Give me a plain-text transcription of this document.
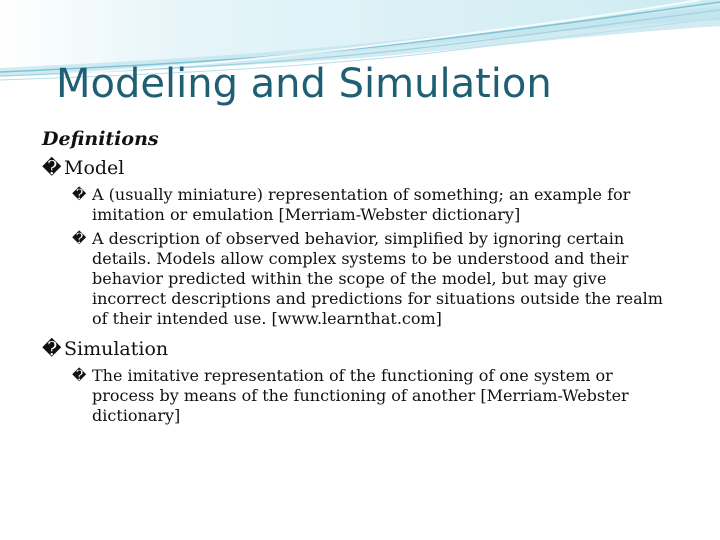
Modeling and Simulation

Definitions

� Model

� A (usually miniature) representation of something; an example for imitation or emulation [Merriam-Webster dictionary]

� A description of observed behavior, simplified by ignoring certain details. Models allow complex systems to be understood and their behavior predicted within the scope of the model, but may give incorrect descriptions and predictions for situations outside the realm of their intended use. [www.learnthat.com]

� Simulation

� The imitative representation of the functioning of one system or process by means of the functioning of another [Merriam-Webster dictionary]
